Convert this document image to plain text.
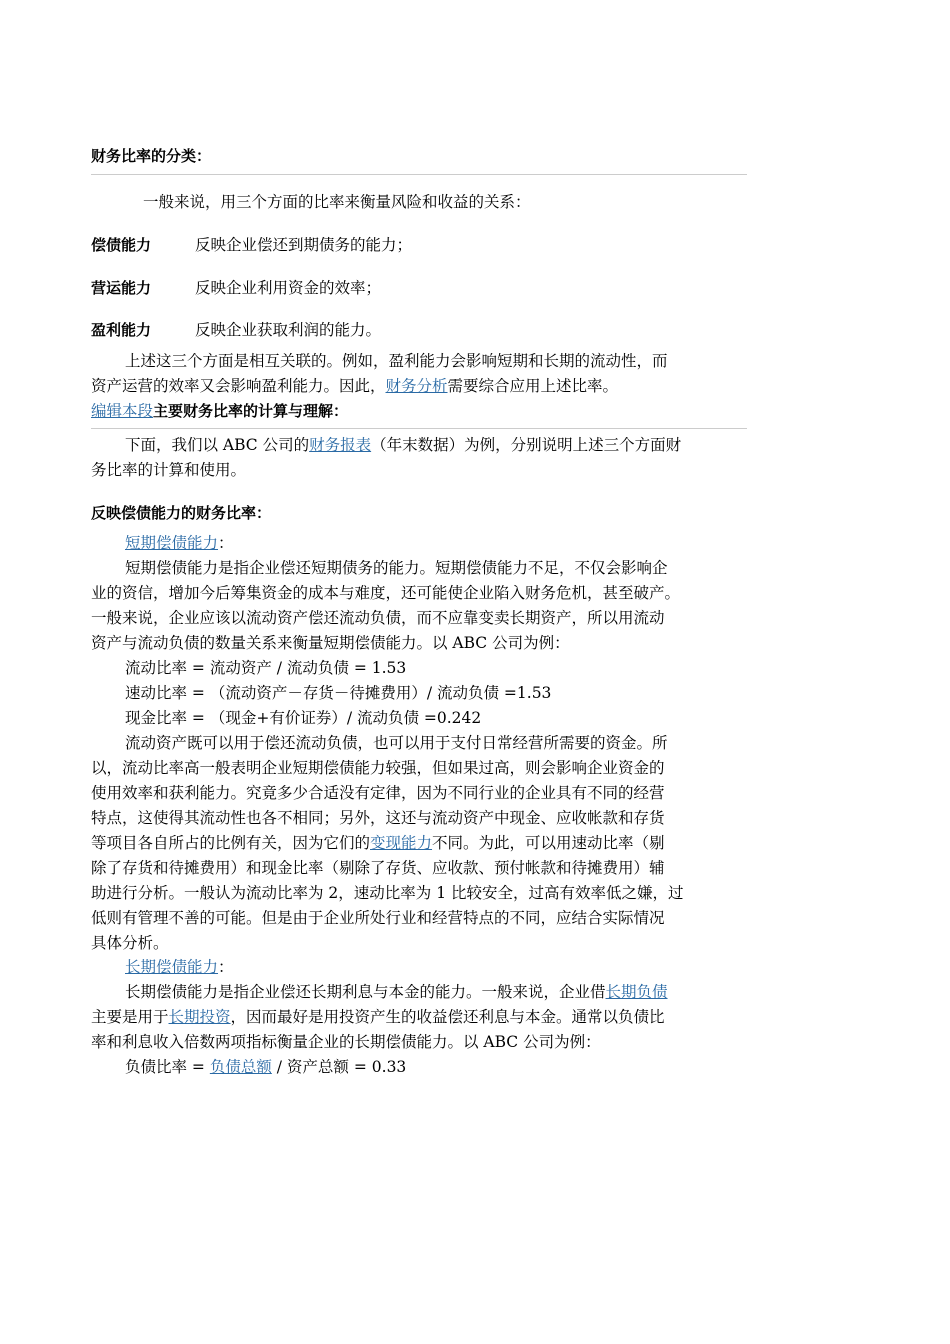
财务比率的分类：
一般来说，用三个方面的比率来衡量风险和收益的关系：
偿债能力	反映企业偿还到期债务的能力；
营运能力	反映企业利用资金的效率；
盈利能力	反映企业获取利润的能力。
上述这三个方面是相互关联的。例如，盈利能力会影响短期和长期的流动性，而
资产运营的效率又会影响盈利能力。因此，财务分析需要综合应用上述比率。
编辑本段主要财务比率的计算与理解：
下面，我们以 ABC 公司的财务报表（年末数据）为例，分别说明上述三个方面财
务比率的计算和使用。
反映偿债能力的财务比率：
短期偿债能力：
短期偿债能力是指企业偿还短期债务的能力。短期偿债能力不足，不仅会影响企
业的资信，增加今后筹集资金的成本与难度，还可能使企业陷入财务危机，甚至破产。
一般来说，企业应该以流动资产偿还流动负债，而不应靠变卖长期资产，所以用流动
资产与流动负债的数量关系来衡量短期偿债能力。以 ABC 公司为例：
流动比率 = 流动资产 / 流动负债 = 1.53
速动比率 = （流动资产－存货－待摊费用）/ 流动负债 =1.53
现金比率 = （现金+有价证券）/ 流动负债 =0.242
流动资产既可以用于偿还流动负债，也可以用于支付日常经营所需要的资金。所
以，流动比率高一般表明企业短期偿债能力较强，但如果过高，则会影响企业资金的
使用效率和获利能力。究竟多少合适没有定律，因为不同行业的企业具有不同的经营
特点，这使得其流动性也各不相同；另外，这还与流动资产中现金、应收帐款和存货
等项目各自所占的比例有关，因为它们的变现能力不同。为此，可以用速动比率（剔
除了存货和待摊费用）和现金比率（剔除了存货、应收款、预付帐款和待摊费用）辅
助进行分析。一般认为流动比率为 2，速动比率为 1 比较安全，过高有效率低之嫌，过
低则有管理不善的可能。但是由于企业所处行业和经营特点的不同，应结合实际情况
具体分析。
长期偿债能力：
长期偿债能力是指企业偿还长期利息与本金的能力。一般来说，企业借长期负债
主要是用于长期投资，因而最好是用投资产生的收益偿还利息与本金。通常以负债比
率和利息收入倍数两项指标衡量企业的长期偿债能力。以 ABC 公司为例：
负债比率 = 负债总额 / 资产总额 = 0.33
